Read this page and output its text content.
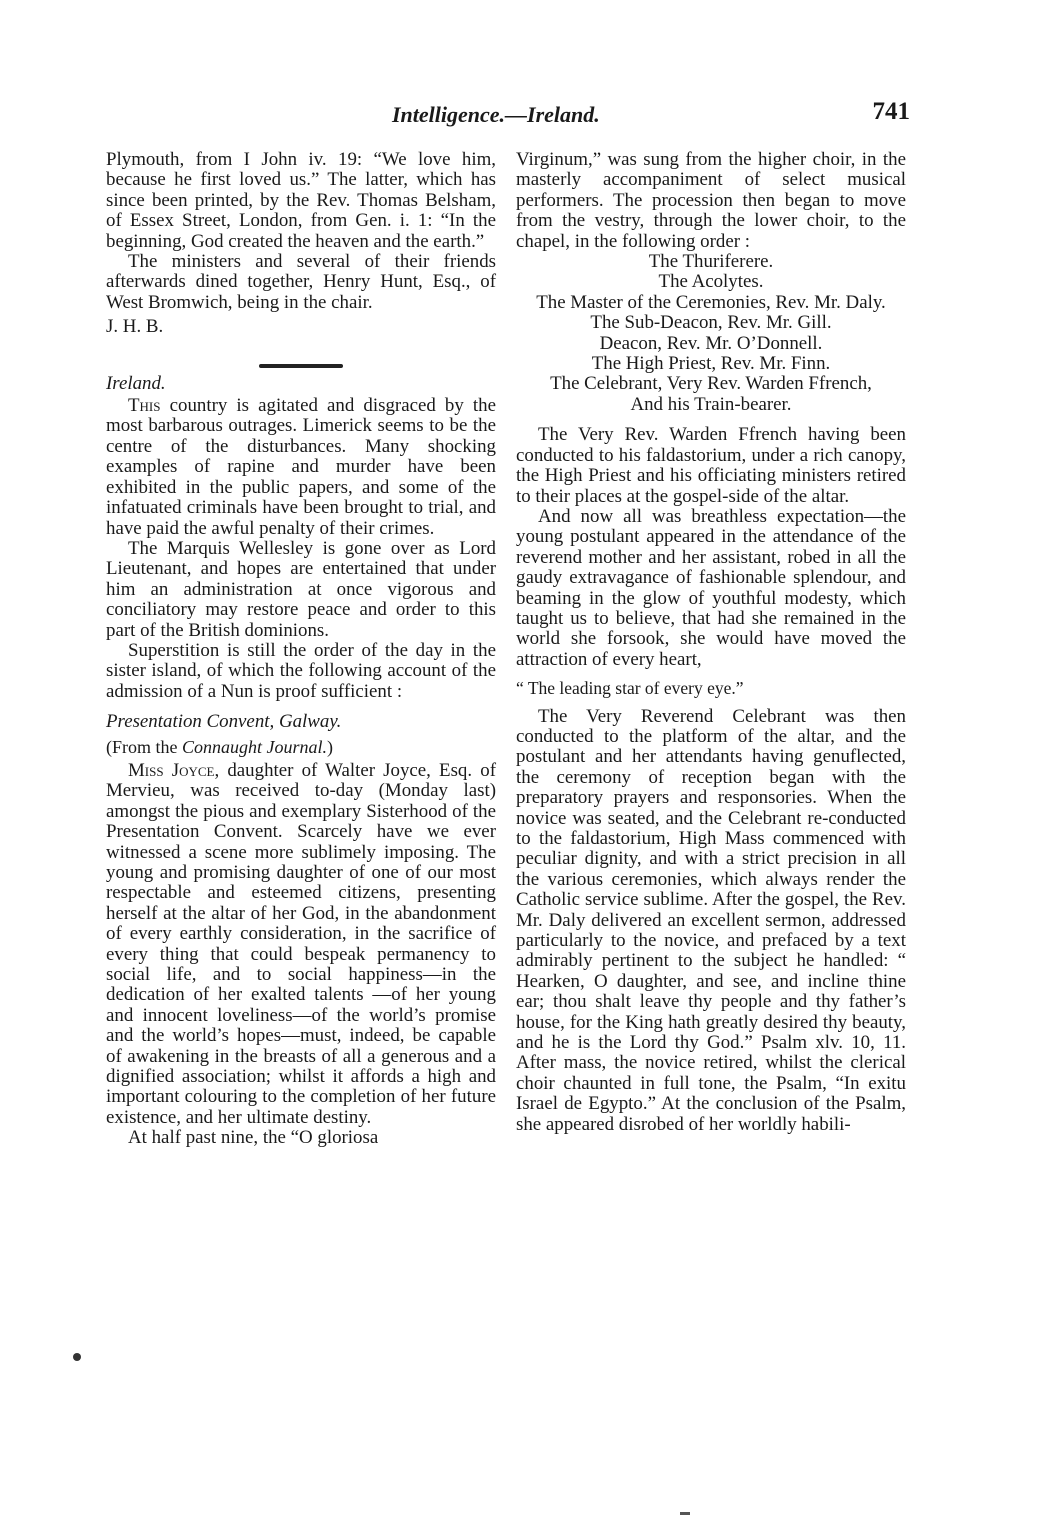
Intelligence.—Ireland.	741

Plymouth, from I John iv. 19: “We love him, because he first loved us.” The latter, which has since been printed, by the Rev. Thomas Belsham, of Essex Street, London, from Gen. i. 1: “In the beginning, God created the heaven and the earth.”

The ministers and several of their friends afterwards dined together, Henry Hunt, Esq., of West Bromwich, being in the chair.

J. H. B.

Ireland.

This country is agitated and disgraced by the most barbarous outrages. Limerick seems to be the centre of the disturbances. Many shocking examples of rapine and murder have been exhibited in the public papers, and some of the infatuated criminals have been brought to trial, and have paid the awful penalty of their crimes.

The Marquis Wellesley is gone over as Lord Lieutenant, and hopes are entertained that under him an administration at once vigorous and conciliatory may restore peace and order to this part of the British dominions.

Superstition is still the order of the day in the sister island, of which the following account of the admission of a Nun is proof sufficient :

Presentation Convent, Galway.

(From the Connaught Journal.)

Miss Joyce, daughter of Walter Joyce, Esq. of Mervieu, was received to-day (Monday last) amongst the pious and exemplary Sisterhood of the Presentation Convent. Scarcely have we ever witnessed a scene more sublimely imposing. The young and promising daughter of one of our most respectable and esteemed citizens, presenting herself at the altar of her God, in the abandonment of every earthly consideration, in the sacrifice of every thing that could bespeak permanency to social life, and to social happiness—in the dedication of her exalted talents —of her young and innocent loveliness—of the world’s promise and the world’s hopes—must, indeed, be capable of awakening in the breasts of all a generous and a dignified association; whilst it affords a high and important colouring to the completion of her future existence, and her ultimate destiny.

At half past nine, the “O gloriosa

Virginum,” was sung from the higher choir, in the masterly accompaniment of select musical performers. The procession then began to move from the vestry, through the lower choir, to the chapel, in the following order :

The Thuriferere.

The Acolytes.

The Master of the Ceremonies, Rev. Mr. Daly.

The Sub-Deacon, Rev. Mr. Gill.

Deacon, Rev. Mr. O’Donnell.

The High Priest, Rev. Mr. Finn.

The Celebrant, Very Rev. Warden Ffrench,

And his Train-bearer.

The Very Rev. Warden Ffrench having been conducted to his faldastorium, under a rich canopy, the High Priest and his officiating ministers retired to their places at the gospel-side of the altar.

And now all was breathless expectation—the young postulant appeared in the attendance of the reverend mother and her assistant, robed in all the gaudy extravagance of fashionable splendour, and beaming in the glow of youthful modesty, which taught us to believe, that had she remained in the world she forsook, she would have moved the attraction of every heart,

“ The leading star of every eye.”

The Very Reverend Celebrant was then conducted to the platform of the altar, and the postulant and her attendants having genuflected, the ceremony of reception began with the preparatory prayers and responsories. When the novice was seated, and the Celebrant re-conducted to the faldastorium, High Mass commenced with peculiar dignity, and with a strict precision in all the various ceremonies, which always render the Catholic service sublime. After the gospel, the Rev. Mr. Daly delivered an excellent sermon, addressed particularly to the novice, and prefaced by a text admirably pertinent to the subject he handled: “ Hearken, O daughter, and see, and incline thine ear; thou shalt leave thy people and thy father’s house, for the King hath greatly desired thy beauty, and he is the Lord thy God.” Psalm xlv. 10, 11. After mass, the novice retired, whilst the clerical choir chaunted in full tone, the Psalm, “In exitu Israel de Egypto.” At the conclusion of the Psalm, she appeared disrobed of her worldly habili-
